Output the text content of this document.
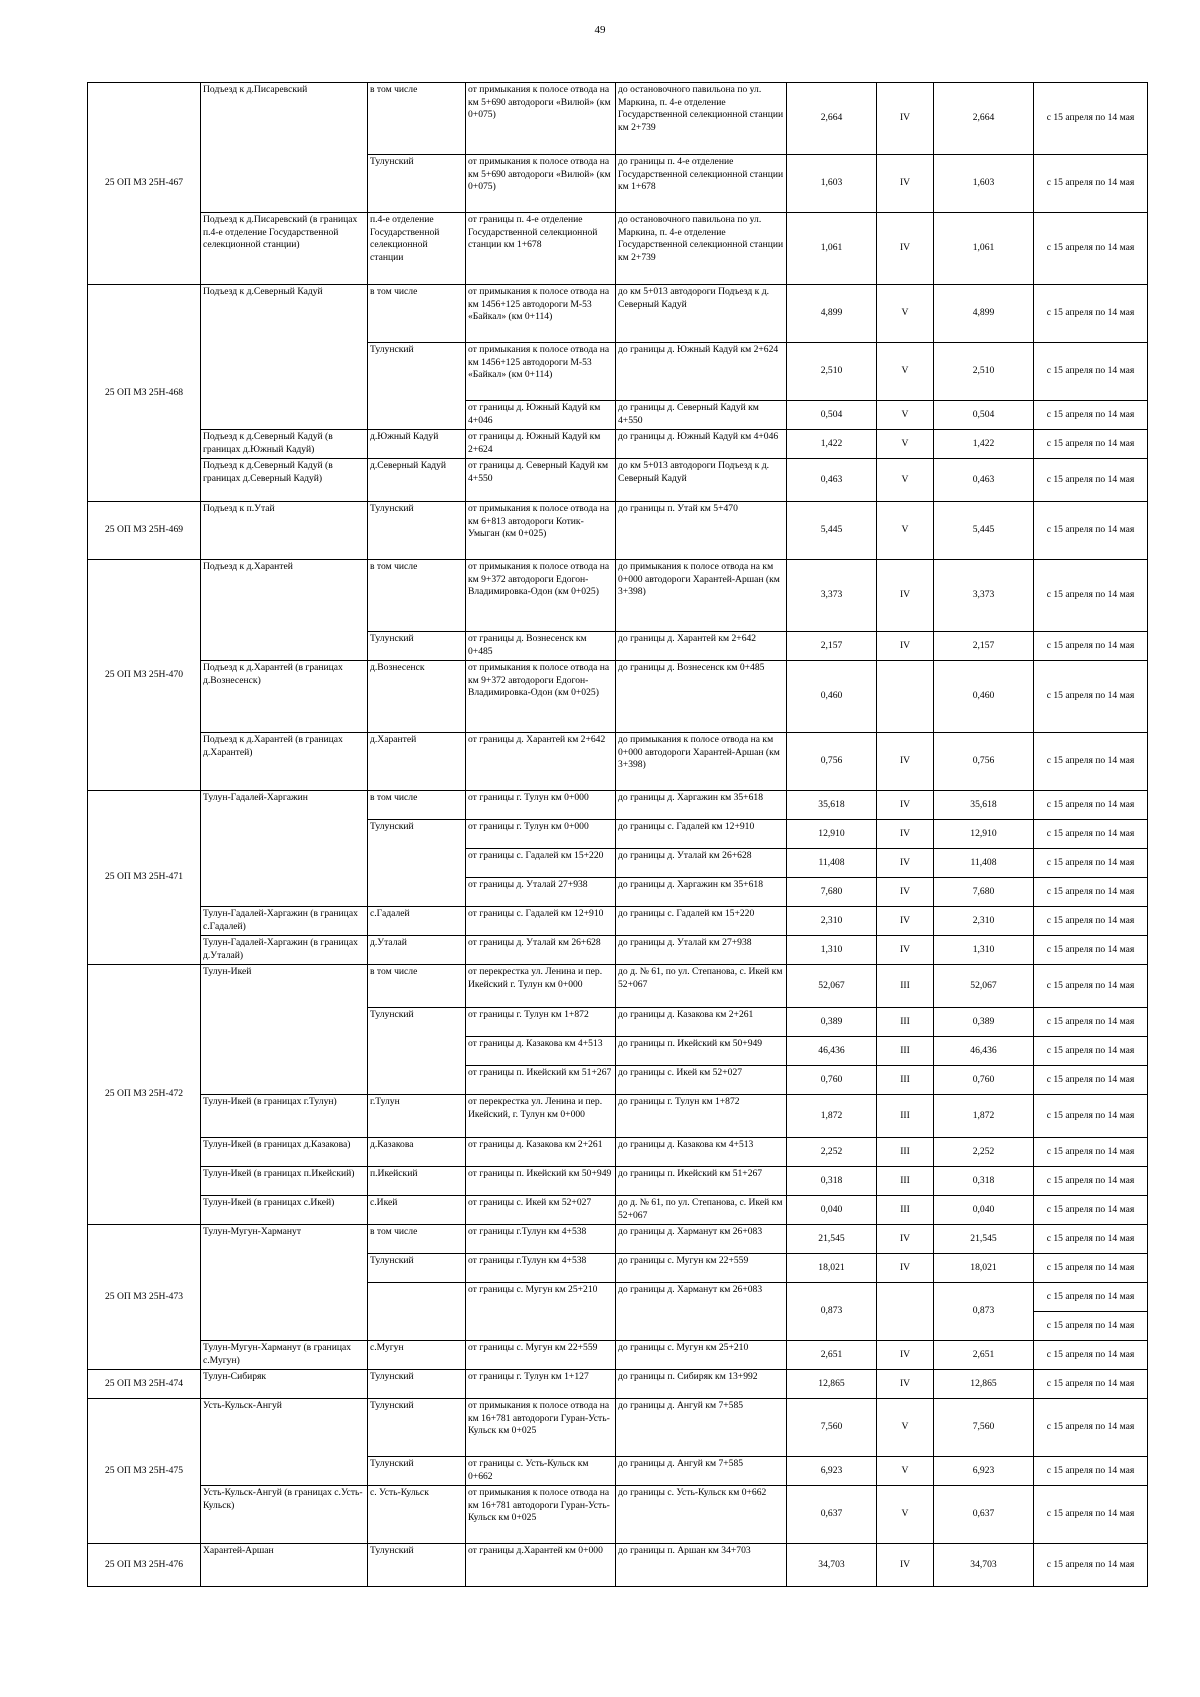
49
25 ОП МЗ 25Н-467	Подъезд к д.Писаревский	в том числе	от примыкания к полосе отвода на км 5+690 автодороги «Вилюй» (км 0+075)	до остановочного павильона по ул. Маркина, п. 4-е отделение Государственной селекционной станции км 2+739	2,664	IV	2,664	с 15 апреля по 14 мая
		Тулунский	от примыкания к полосе отвода на км 5+690 автодороги «Вилюй» (км 0+075)	до границы п. 4-е отделение Государственной селекционной станции км 1+678	1,603	IV	1,603	с 15 апреля по 14 мая
	Подъезд к д.Писаревский (в границах п.4-е отделение Государственной селекционной станции)	п.4-е отделение Государственной селекционной станции	от границы п. 4-е отделение Государственной селекционной станции км 1+678	до остановочного павильона по ул. Маркина, п. 4-е отделение Государственной селекционной станции км 2+739	1,061	IV	1,061	с 15 апреля по 14 мая
25 ОП МЗ 25Н-468	Подъезд к д.Северный Кадуй	в том числе	от примыкания к полосе отвода на км 1456+125 автодороги М-53 «Байкал» (км 0+114)	до км 5+013 автодороги Подъезд к д. Северный Кадуй	4,899	V	4,899	с 15 апреля по 14 мая
		Тулунский	от примыкания к полосе отвода на км 1456+125 автодороги М-53 «Байкал» (км 0+114)	до границы д. Южный Кадуй км 2+624	2,510	V	2,510	с 15 апреля по 14 мая
			от границы д. Южный Кадуй км 4+046	до границы д. Северный Кадуй км 4+550	0,504	V	0,504	с 15 апреля по 14 мая
	Подъезд к д.Северный Кадуй (в границах д.Южный Кадуй)	д.Южный Кадуй	от границы д. Южный Кадуй км 2+624	до границы д. Южный Кадуй км 4+046	1,422	V	1,422	с 15 апреля по 14 мая
	Подъезд к д.Северный Кадуй (в границах д.Северный Кадуй)	д.Северный Кадуй	от границы д. Северный Кадуй км 4+550	до км 5+013 автодороги Подъезд к д. Северный Кадуй	0,463	V	0,463	с 15 апреля по 14 мая
25 ОП МЗ 25Н-469	Подъезд к п.Утай	Тулунский	от примыкания к полосе отвода на км 6+813 автодороги Котик-Умыган (км 0+025)	до границы п. Утай км 5+470	5,445	V	5,445	с 15 апреля по 14 мая
25 ОП МЗ 25Н-470	Подъезд к д.Харантей	в том числе	от примыкания к полосе отвода на км 9+372 автодороги Едогон-Владимировка-Одон (км 0+025)	до примыкания к полосе отвода на км 0+000 автодороги Харантей-Аршан (км 3+398)	3,373	IV	3,373	с 15 апреля по 14 мая
		Тулунский	от границы д. Вознесенск км 0+485	до границы д. Харантей км 2+642	2,157	IV	2,157	с 15 апреля по 14 мая
	Подъезд к д.Харантей (в границах д.Вознесенск)	д.Вознесенск	от примыкания к полосе отвода на км 9+372 автодороги Едогон-Владимировка-Одон (км 0+025)	до границы д. Вознесенск км 0+485	0,460		0,460	с 15 апреля по 14 мая
	Подъезд к д.Харантей (в границах д.Харантей)	д.Харантей	от границы д. Харантей км 2+642	до примыкания к полосе отвода на км 0+000 автодороги Харантей-Аршан (км 3+398)	0,756	IV	0,756	с 15 апреля по 14 мая
25 ОП МЗ 25Н-471	Тулун-Гадалей-Харгажин	в том числе	от границы г. Тулун км 0+000	до границы д. Харгажин км 35+618	35,618	IV	35,618	с 15 апреля по 14 мая
		Тулунский	от границы г. Тулун км 0+000	до границы с. Гадалей км 12+910	12,910	IV	12,910	с 15 апреля по 14 мая
			от границы с. Гадалей км 15+220	до границы д. Уталай км 26+628	11,408	IV	11,408	с 15 апреля по 14 мая
			от границы д. Уталай 27+938	до границы д. Харгажин км 35+618	7,680	IV	7,680	с 15 апреля по 14 мая
	Тулун-Гадалей-Харгажин (в границах с.Гадалей)	с.Гадалей	от границы с. Гадалей км 12+910	до границы с. Гадалей км 15+220	2,310	IV	2,310	с 15 апреля по 14 мая
	Тулун-Гадалей-Харгажин (в границах д.Уталай)	д.Уталай	от границы д. Уталай км 26+628	до границы д. Уталай км 27+938	1,310	IV	1,310	с 15 апреля по 14 мая
25 ОП МЗ 25Н-472	Тулун-Икей	в том числе	от перекрестка ул. Ленина и пер. Икейский г. Тулун км 0+000	до д. № 61, по ул. Степанова, с. Икей км 52+067	52,067	III	52,067	с 15 апреля по 14 мая
		Тулунский	от границы г. Тулун км 1+872	до границы д. Казакова км 2+261	0,389	III	0,389	с 15 апреля по 14 мая
			от границы д. Казакова км 4+513	до границы п. Икейский км 50+949	46,436	III	46,436	с 15 апреля по 14 мая
			от границы п. Икейский км 51+267	до границы с. Икей км 52+027	0,760	III	0,760	с 15 апреля по 14 мая
	Тулун-Икей (в границах г.Тулун)	г.Тулун	от перекрестка ул. Ленина и пер. Икейский, г. Тулун км 0+000	до границы г. Тулун км 1+872	1,872	III	1,872	с 15 апреля по 14 мая
	Тулун-Икей (в границах д.Казакова)	д.Казакова	от границы д. Казакова км 2+261	до границы д. Казакова км 4+513	2,252	III	2,252	с 15 апреля по 14 мая
	Тулун-Икей (в границах п.Икейский)	п.Икейский	от границы п. Икейский км 50+949	до границы п. Икейский км 51+267	0,318	III	0,318	с 15 апреля по 14 мая
	Тулун-Икей (в границах с.Икей)	с.Икей	от границы с. Икей км 52+027	до д. № 61, по ул. Степанова, с. Икей км 52+067	0,040	III	0,040	с 15 апреля по 14 мая
25 ОП МЗ 25Н-473	Тулун-Мугун-Харманут	в том числе	от границы г.Тулун км 4+538	до границы д. Харманут км 26+083	21,545	IV	21,545	с 15 апреля по 14 мая
		Тулунский	от границы г.Тулун км 4+538	до границы с. Мугун км 22+559	18,021	IV	18,021	с 15 апреля по 14 мая
			от границы с. Мугун км 25+210	до границы д. Харманут км 26+083	0,873		0,873	с 15 апреля по 14 мая
								с 15 апреля по 14 мая
	Тулун-Мугун-Харманут (в границах с.Мугун)	с.Мугун	от границы с. Мугун км 22+559	до границы с. Мугун км 25+210	2,651	IV	2,651	с 15 апреля по 14 мая
25 ОП МЗ 25Н-474	Тулун-Сибиряк	Тулунский	от границы г. Тулун км 1+127	до границы п. Сибиряк км 13+992	12,865	IV	12,865	с 15 апреля по 14 мая
25 ОП МЗ 25Н-475	Усть-Кульск-Ангуй	Тулунский	от примыкания к полосе отвода на км 16+781 автодороги Гуран-Усть-Кульск км 0+025	до границы д. Ангуй км 7+585	7,560	V	7,560	с 15 апреля по 14 мая
		Тулунский	от границы с. Усть-Кульск км 0+662	до границы д. Ангуй км 7+585	6,923	V	6,923	с 15 апреля по 14 мая
	Усть-Кульск-Ангуй (в границах с.Усть-Кульск)	с. Усть-Кульск	от примыкания к полосе отвода на км 16+781 автодороги Гуран-Усть-Кульск км 0+025	до границы с. Усть-Кульск км 0+662	0,637	V	0,637	с 15 апреля по 14 мая
25 ОП МЗ 25Н-476	Харантей-Аршан	Тулунский	от границы д.Харантей км 0+000	до границы п. Аршан км 34+703	34,703	IV	34,703	с 15 апреля по 14 мая
